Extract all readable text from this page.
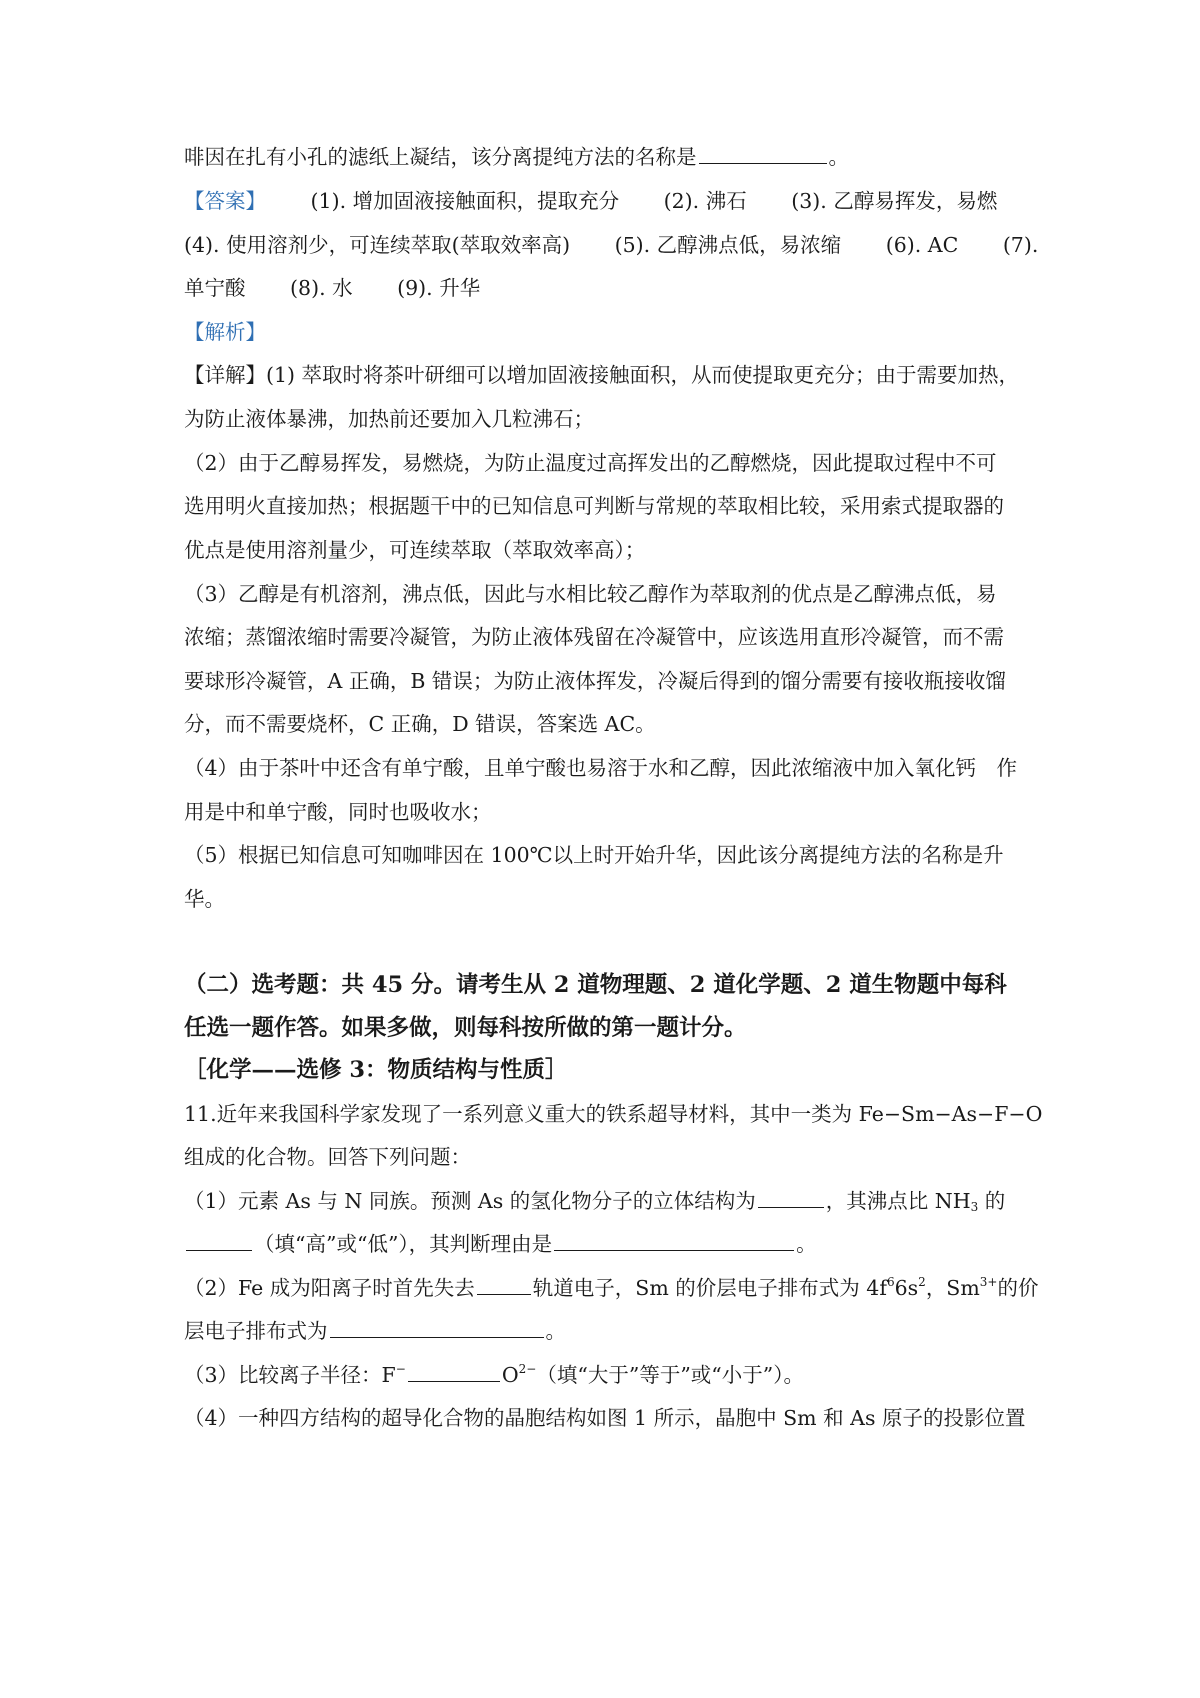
啡因在扎有小孔的滤纸上凝结，该分离提纯方法的名称是	。
【答案】 (1). 增加固液接触面积，提取充分 (2). 沸石 (3). 乙醇易挥发，易燃
(4). 使用溶剂少，可连续萃取(萃取效率高) (5). 乙醇沸点低，易浓缩 (6). AC (7).
单宁酸 (8). 水 (9). 升华
【解析】
【详解】(1) 萃取时将茶叶研细可以增加固液接触面积，从而使提取更充分；由于需要加热，
为防止液体暴沸，加热前还要加入几粒沸石；
（2）由于乙醇易挥发，易燃烧，为防止温度过高挥发出的乙醇燃烧，因此提取过程中不可
选用明火直接加热；根据题干中的已知信息可判断与常规的萃取相比较，采用索式提取器的
优点是使用溶剂量少，可连续萃取（萃取效率高）；
（3）乙醇是有机溶剂，沸点低，因此与水相比较乙醇作为萃取剂的优点是乙醇沸点低，易
浓缩；蒸馏浓缩时需要冷凝管，为防止液体残留在冷凝管中，应该选用直形冷凝管，而不需
要球形冷凝管，A 正确，B 错误；为防止液体挥发，冷凝后得到的馏分需要有接收瓶接收馏
分，而不需要烧杯，C 正确，D 错误，答案选 AC。
（4）由于茶叶中还含有单宁酸，且单宁酸也易溶于水和乙醇，因此浓缩液中加入氧化钙　作
用是中和单宁酸，同时也吸收水；
（5）根据已知信息可知咖啡因在 100℃以上时开始升华，因此该分离提纯方法的名称是升
华。
（二）选考题：共 45 分。请考生从 2 道物理题、2 道化学题、2 道生物题中每科
任选一题作答。如果多做，则每科按所做的第一题计分。
［化学——选修 3：物质结构与性质］
11.近年来我国科学家发现了一系列意义重大的铁系超导材料，其中一类为 Fe−Sm−As−F−O
组成的化合物。回答下列问题：
（1）元素 As 与 N 同族。预测 As 的氢化物分子的立体结构为	，其沸点比 $NH_3$ 的
（填“高”或“低”），其判断理由是	。
（2）Fe 成为阳离子时首先失去	轨道电子，Sm 的价层电子排布式为 $4f^66s^2$，$Sm^{3+}$的价
层电子排布式为	。
（3）比较离子半径：F−	$O^{2-}$（填“大于”等于”或“小于”）。
（4）一种四方结构的超导化合物的晶胞结构如图 1 所示，晶胞中 Sm 和 As 原子的投影位置
